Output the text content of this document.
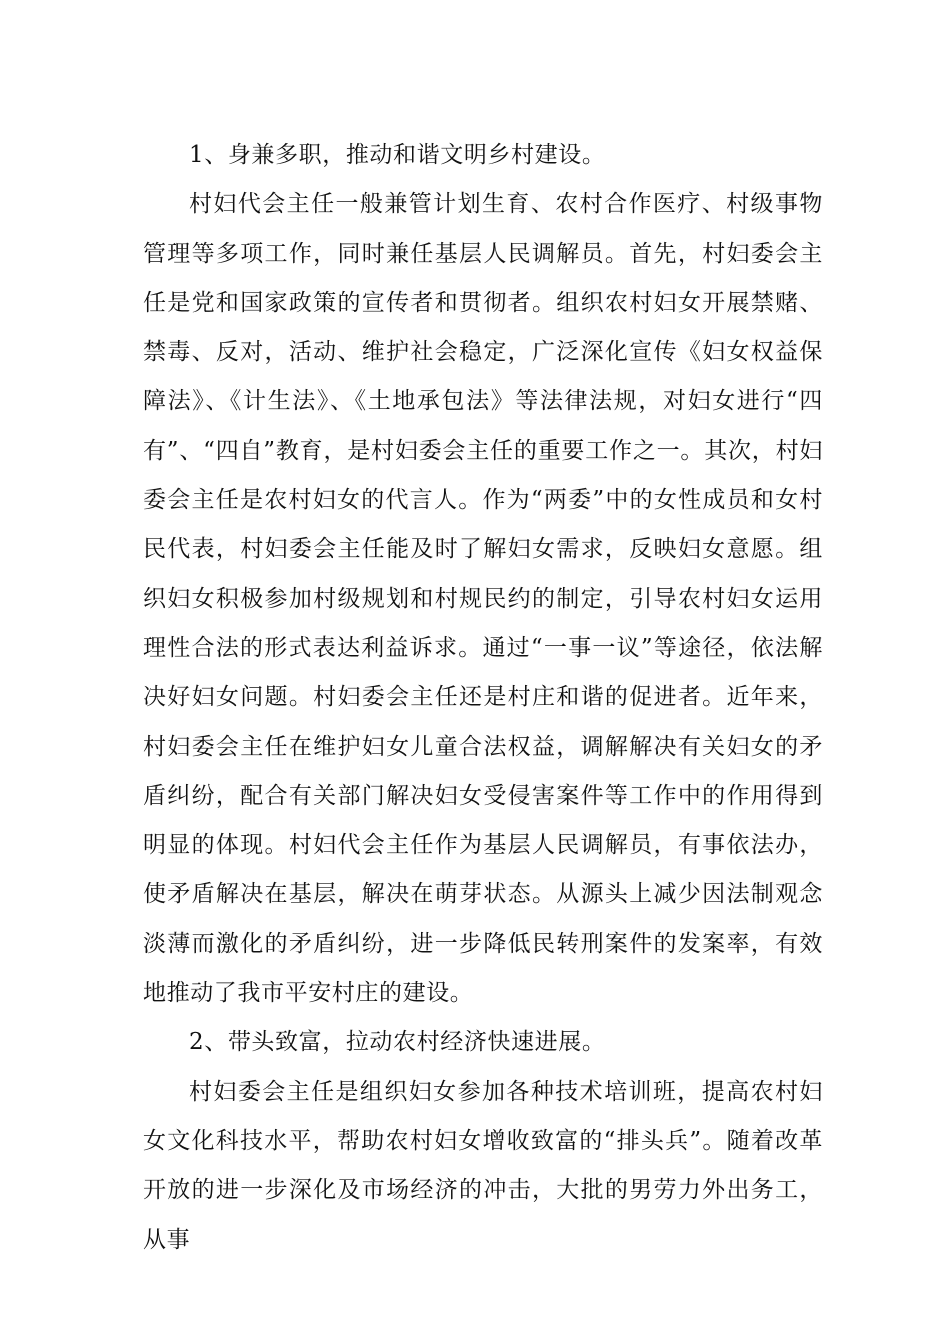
1、身兼多职，推动和谐文明乡村建设。

村妇代会主任一般兼管计划生育、农村合作医疗、村级事物管理等多项工作，同时兼任基层人民调解员。首先，村妇委会主任是党和国家政策的宣传者和贯彻者。组织农村妇女开展禁赌、禁毒、反对，活动、维护社会稳定，广泛深化宣传《妇女权益保障法》、《计生法》、《土地承包法》等法律法规，对妇女进行“四有”、“四自”教育，是村妇委会主任的重要工作之一。其次，村妇委会主任是农村妇女的代言人。作为“两委”中的女性成员和女村民代表，村妇委会主任能及时了解妇女需求，反映妇女意愿。组织妇女积极参加村级规划和村规民约的制定，引导农村妇女运用理性合法的形式表达利益诉求。通过“一事一议”等途径，依法解决好妇女问题。村妇委会主任还是村庄和谐的促进者。近年来，村妇委会主任在维护妇女儿童合法权益，调解解决有关妇女的矛盾纠纷，配合有关部门解决妇女受侵害案件等工作中的作用得到明显的体现。村妇代会主任作为基层人民调解员，有事依法办，使矛盾解决在基层，解决在萌芽状态。从源头上减少因法制观念淡薄而激化的矛盾纠纷，进一步降低民转刑案件的发案率，有效地推动了我市平安村庄的建设。

2、带头致富，拉动农村经济快速进展。

村妇委会主任是组织妇女参加各种技术培训班，提高农村妇女文化科技水平，帮助农村妇女增收致富的“排头兵”。随着改革开放的进一步深化及市场经济的冲击，大批的男劳力外出务工，从事
